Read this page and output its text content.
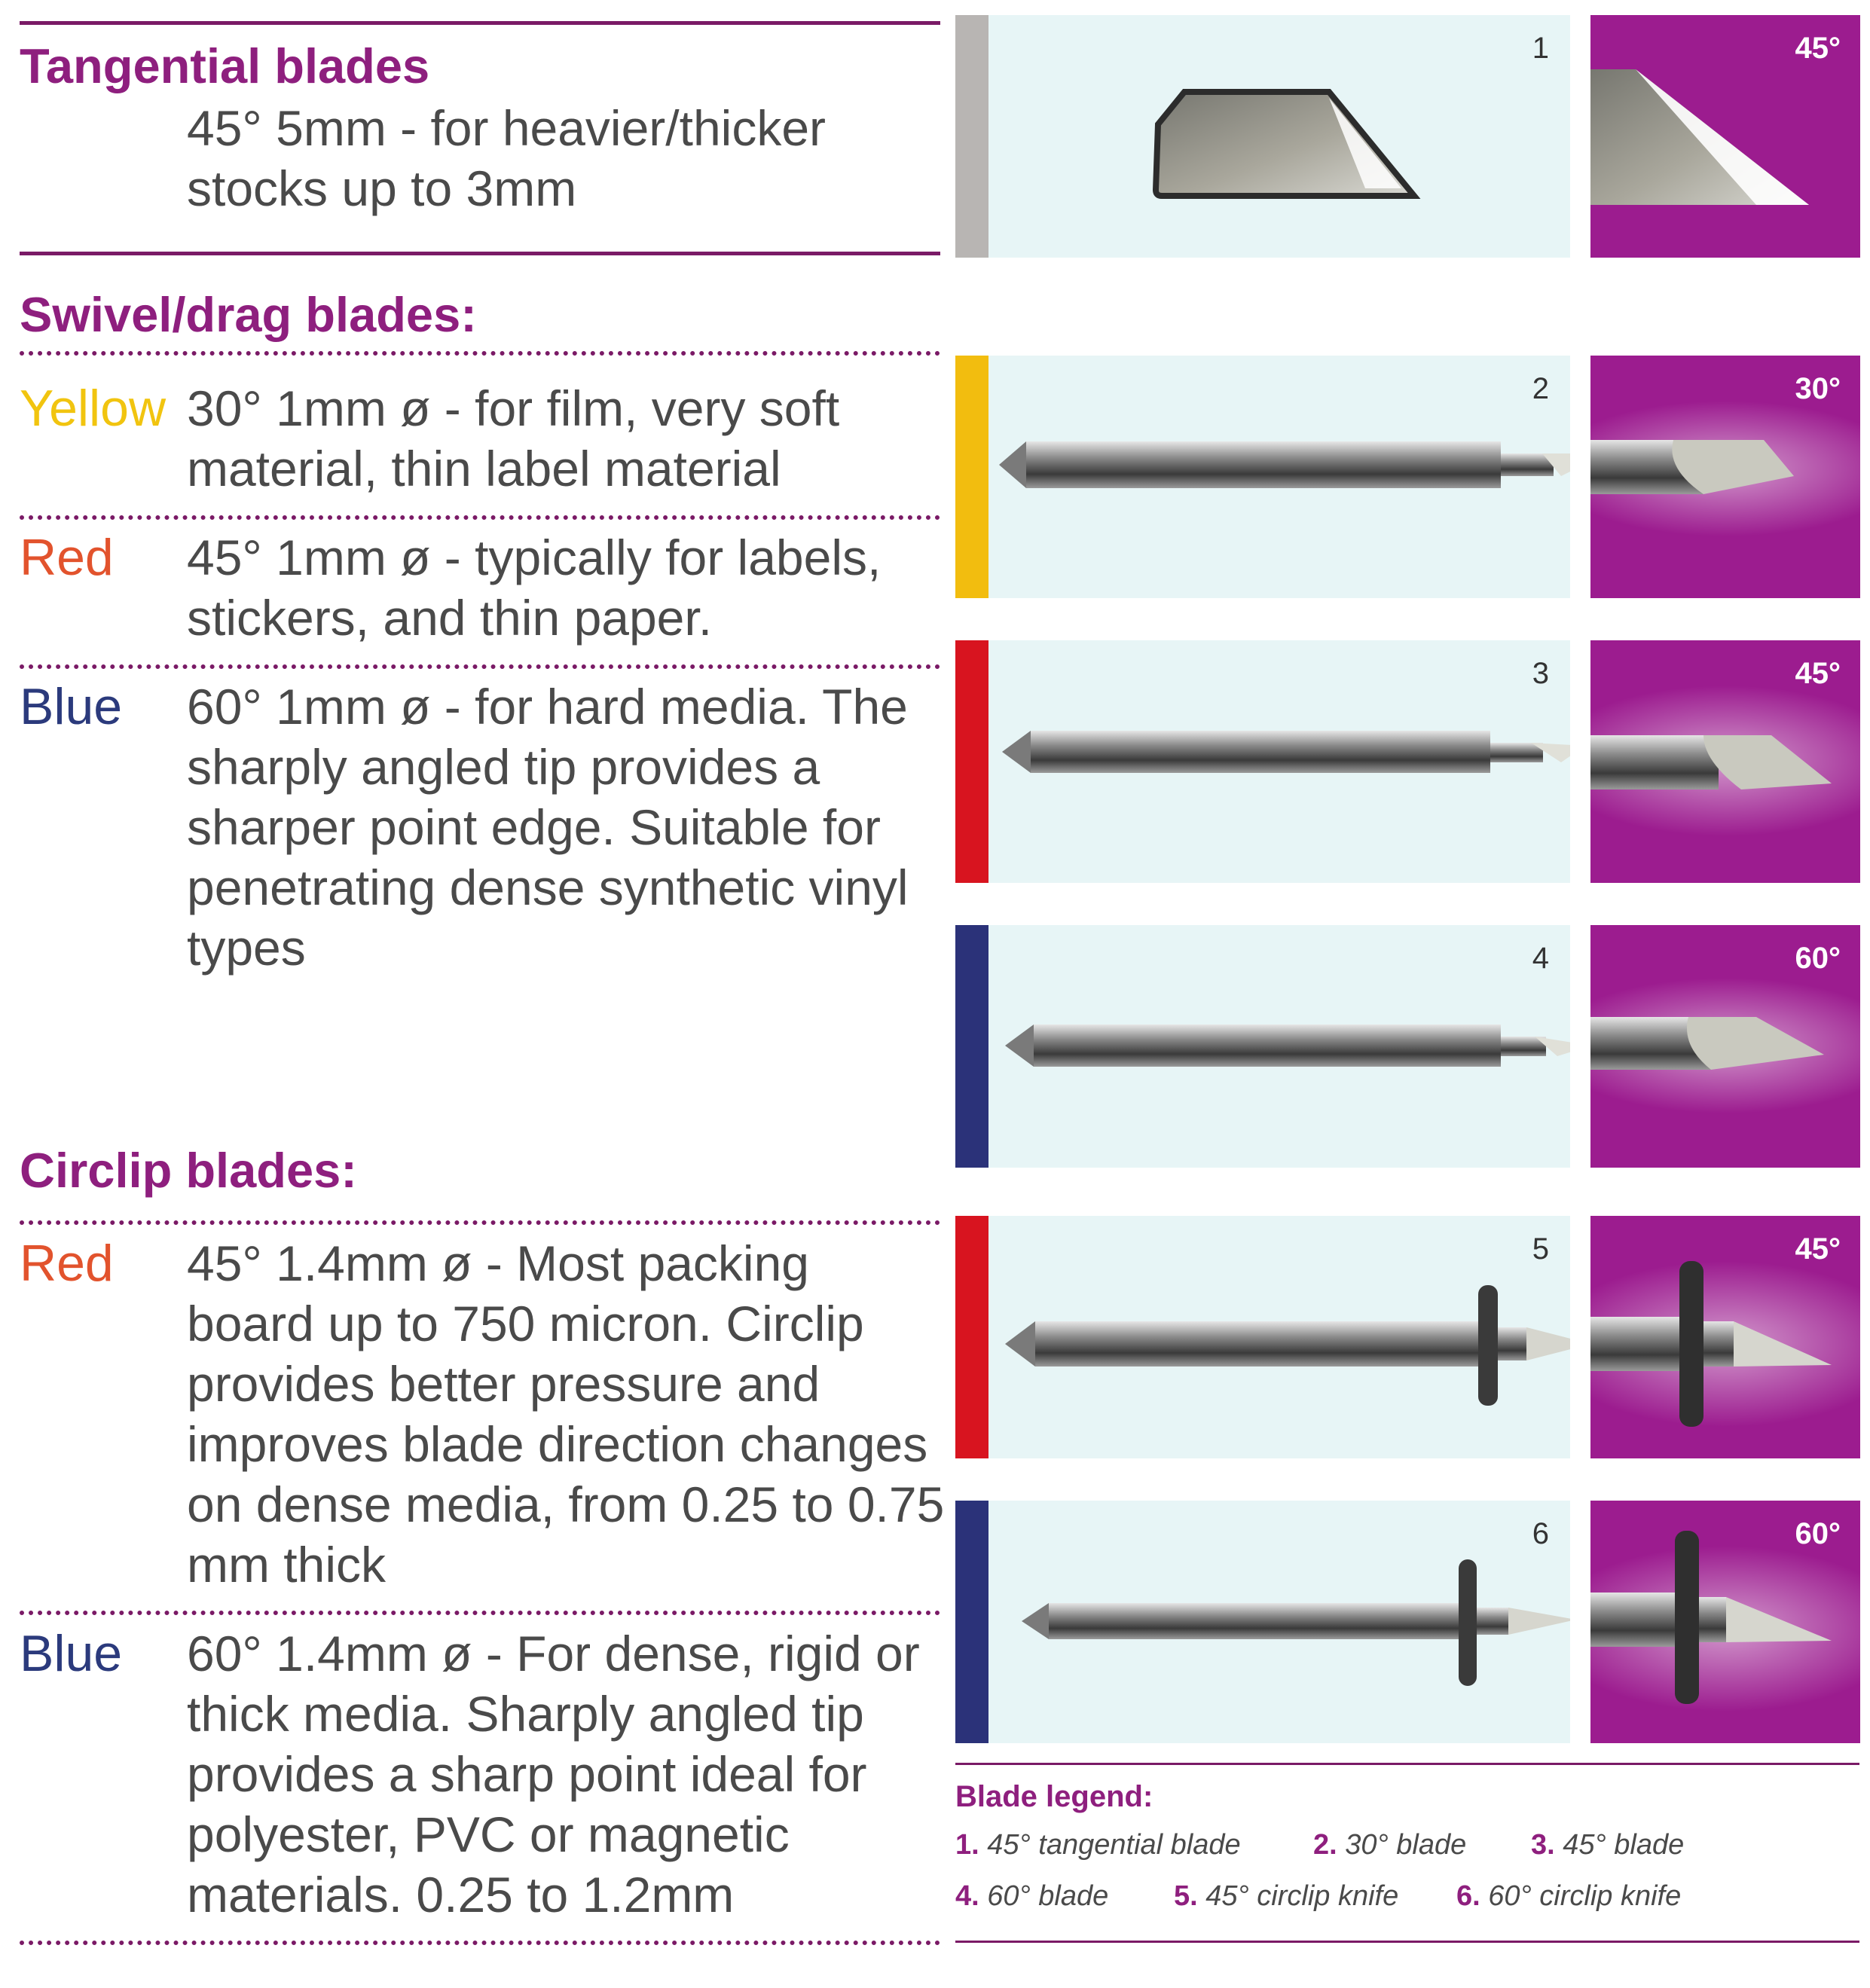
Tangential blades
45° 5mm - for heavier/thicker stocks up to 3mm
Swivel/drag blades:
Yellow 30° 1mm ø - for film, very soft material, thin label material
Red 45° 1mm ø - typically for labels, stickers, and thin paper.
Blue 60° 1mm ø - for hard media. The sharply angled tip provides a sharper point edge. Suitable for penetrating dense synthetic vinyl types
Circlip blades:
Red 45° 1.4mm ø - Most packing board up to 750 micron. Circlip provides better pressure and improves blade direction changes on dense media, from 0.25 to 0.75 mm thick
Blue 60° 1.4mm ø - For dense, rigid or thick media. Sharply angled tip provides a sharp point ideal for polyester, PVC or magnetic materials. 0.25 to 1.2mm
1	45°
2	30°
3	45°
4	60°
5	45°
6	60°
Blade legend:
1. 45° tangential blade	2. 30° blade 3. 45° blade
4. 60° blade 5. 45° circlip knife 6. 60° circlip knife
